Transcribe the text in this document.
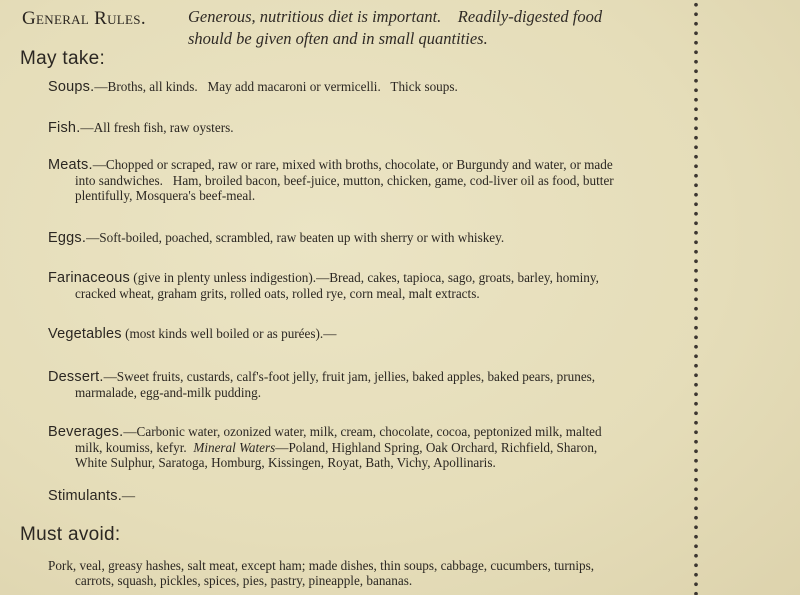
General Rules.	Generous, nutritious diet is important.    Readily-digested food
should be given often and in small quantities.
May take:
Soups.—Broths, all kinds.   May add macaroni or vermicelli.   Thick soups.
Fish.—All fresh fish, raw oysters.
Meats.—Chopped or scraped, raw or rare, mixed with broths, chocolate, or Burgundy and water, or made
into sandwiches.   Ham, broiled bacon, beef-juice, mutton, chicken, game, cod-liver oil as food, butter
plentifully, Mosquera's beef-meal.
Eggs.—Soft-boiled, poached, scrambled, raw beaten up with sherry or with whiskey.
Farinaceous (give in plenty unless indigestion).—Bread, cakes, tapioca, sago, groats, barley, hominy,
cracked wheat, graham grits, rolled oats, rolled rye, corn meal, malt extracts.
Vegetables (most kinds well boiled or as purées).—
Dessert.—Sweet fruits, custards, calf's-foot jelly, fruit jam, jellies, baked apples, baked pears, prunes,
marmalade, egg-and-milk pudding.
Beverages.—Carbonic water, ozonized water, milk, cream, chocolate, cocoa, peptonized milk, malted
milk, koumiss, kefyr.  Mineral Waters—Poland, Highland Spring, Oak Orchard, Richfield, Sharon,
White Sulphur, Saratoga, Homburg, Kissingen, Royat, Bath, Vichy, Apollinaris.
Stimulants.—
Must avoid:
Pork, veal, greasy hashes, salt meat, except ham; made dishes, thin soups, cabbage, cucumbers, turnips,
carrots, squash, pickles, spices, pies, pastry, pineapple, bananas.
